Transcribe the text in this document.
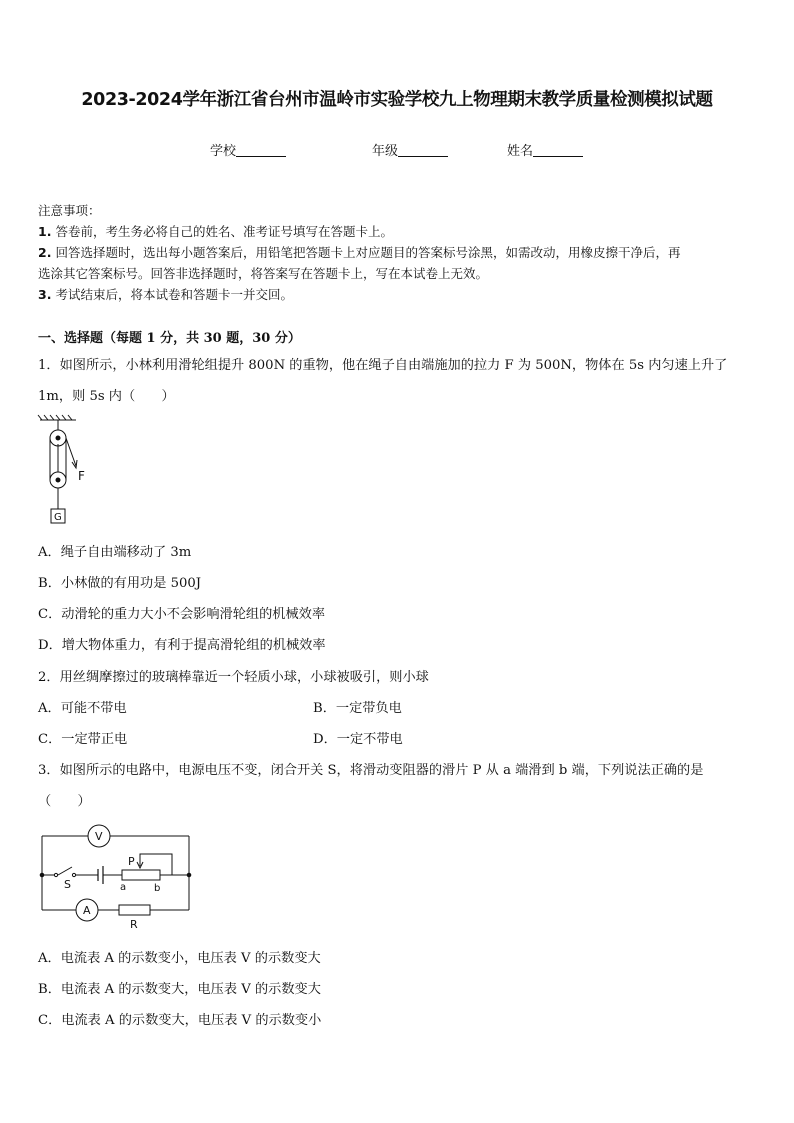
2023-2024学年浙江省台州市温岭市实验学校九上物理期末教学质量检测模拟试题
学校	年级	姓名
注意事项：
1. 答卷前，考生务必将自己的姓名、准考证号填写在答题卡上。
2. 回答选择题时，选出每小题答案后，用铅笔把答题卡上对应题目的答案标号涂黑，如需改动，用橡皮擦干净后，再
选涂其它答案标号。回答非选择题时，将答案写在答题卡上，写在本试卷上无效。
3. 考试结束后，将本试卷和答题卡一并交回。
一、选择题（每题 1 分，共 30 题，30 分）
1．如图所示，小林利用滑轮组提升 800N 的重物，他在绳子自由端施加的拉力 F 为 500N，物体在 5s 内匀速上升了
1m，则 5s 内（　　）
F
G
A．绳子自由端移动了 3m
B．小林做的有用功是 500J
C．动滑轮的重力大小不会影响滑轮组的机械效率
D．增大物体重力，有利于提高滑轮组的机械效率
2．用丝绸摩擦过的玻璃棒靠近一个轻质小球，小球被吸引，则小球
A．可能不带电	B．一定带负电
C．一定带正电	D．一定不带电
3．如图所示的电路中，电源电压不变，闭合开关 S，将滑动变阻器的滑片 P 从 a 端滑到 b 端，下列说法正确的是
（　　）
V
S
P
a	b
A
R
A．电流表 A 的示数变小，电压表 V 的示数变大
B．电流表 A 的示数变大，电压表 V 的示数变大
C．电流表 A 的示数变大，电压表 V 的示数变小
